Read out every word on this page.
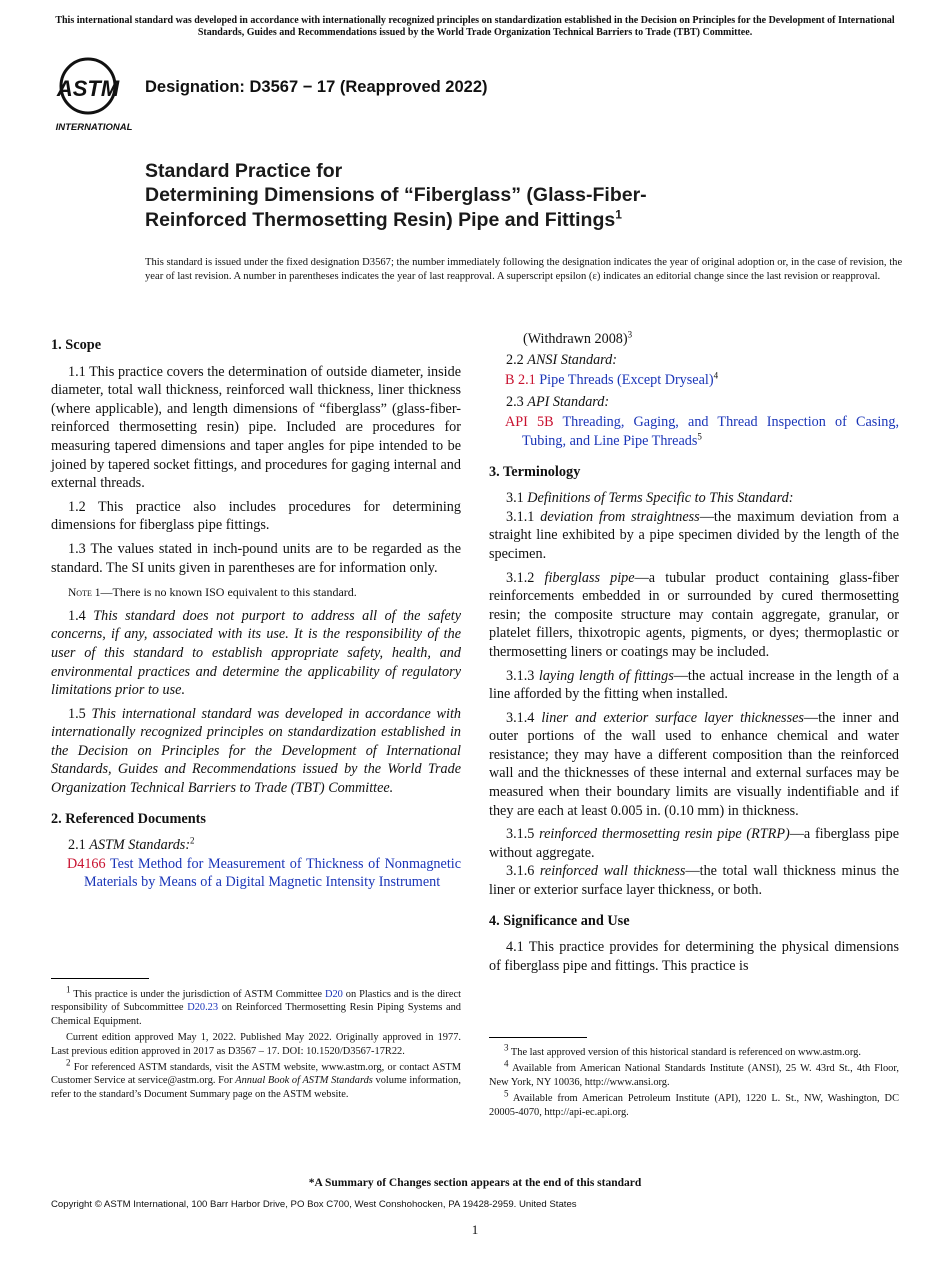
This international standard was developed in accordance with internationally recognized principles on standardization established in the Decision on Principles for the Development of International Standards, Guides and Recommendations issued by the World Trade Organization Technical Barriers to Trade (TBT) Committee.
ASTM
INTERNATIONAL
Designation: D3567 − 17 (Reapproved 2022)
Standard Practice for
Determining Dimensions of “Fiberglass” (Glass-Fiber-
Reinforced Thermosetting Resin) Pipe and Fittings$^1$
This standard is issued under the fixed designation D3567; the number immediately following the designation indicates the year of original adoption or, in the case of revision, the year of last revision. A number in parentheses indicates the year of last reapproval. A superscript epsilon (ε) indicates an editorial change since the last revision or reapproval.
1. Scope

1.1 This practice covers the determination of outside diameter, inside diameter, total wall thickness, reinforced wall thickness, liner thickness (where applicable), and length dimensions of “fiberglass” (glass-fiber-reinforced thermosetting resin) pipe. Included are procedures for measuring tapered dimensions and taper angles for pipe intended to be joined by tapered socket fittings, and procedures for gaging internal and external threads.

1.2 This practice also includes procedures for determining dimensions for fiberglass pipe fittings.

1.3 The values stated in inch-pound units are to be regarded as the standard. The SI units given in parentheses are for information only.

Note 1—There is no known ISO equivalent to this standard.

1.4 This standard does not purport to address all of the safety concerns, if any, associated with its use. It is the responsibility of the user of this standard to establish appropriate safety, health, and environmental practices and determine the applicability of regulatory limitations prior to use.

1.5 This international standard was developed in accordance with internationally recognized principles on standardization established in the Decision on Principles for the Development of International Standards, Guides and Recommendations issued by the World Trade Organization Technical Barriers to Trade (TBT) Committee.

2. Referenced Documents

2.1 ASTM Standards:$^2$

D4166 Test Method for Measurement of Thickness of Nonmagnetic Materials by Means of a Digital Magnetic Intensity Instrument

(Withdrawn 2008)$^3$

2.2 ANSI Standard:

B 2.1 Pipe Threads (Except Dryseal)$^4$

2.3 API Standard:

API 5B Threading, Gaging, and Thread Inspection of Casing, Tubing, and Line Pipe Threads$^5$

3. Terminology

3.1 Definitions of Terms Specific to This Standard:

3.1.1 deviation from straightness—the maximum deviation from a straight line exhibited by a pipe specimen divided by the length of the specimen.

3.1.2 fiberglass pipe—a tubular product containing glass-fiber reinforcements embedded in or surrounded by cured thermosetting resin; the composite structure may contain aggregate, granular, or platelet fillers, thixotropic agents, pigments, or dyes; thermoplastic or thermosetting liners or coatings may be included.

3.1.3 laying length of fittings—the actual increase in the length of a line afforded by the fitting when installed.

3.1.4 liner and exterior surface layer thicknesses—the inner and outer portions of the wall used to enhance chemical and water resistance; they may have a different composition than the reinforced wall and the thicknesses of these internal and external surfaces may be measured when their boundary limits are visually indentifiable and if they are each at least 0.005 in. (0.10 mm) in thickness.

3.1.5 reinforced thermosetting resin pipe (RTRP)—a fiberglass pipe without aggregate.

3.1.6 reinforced wall thickness—the total wall thickness minus the liner or exterior surface layer thickness, or both.

4. Significance and Use

4.1 This practice provides for determining the physical dimensions of fiberglass pipe and fittings. This practice is

$^1$ This practice is under the jurisdiction of ASTM Committee D20 on Plastics and is the direct responsibility of Subcommittee D20.23 on Reinforced Thermosetting Resin Piping Systems and Chemical Equipment.

Current edition approved May 1, 2022. Published May 2022. Originally approved in 1977. Last previous edition approved in 2017 as D3567 – 17. DOI: 10.1520/D3567-17R22.

$^2$ For referenced ASTM standards, visit the ASTM website, www.astm.org, or contact ASTM Customer Service at service@astm.org. For Annual Book of ASTM Standards volume information, refer to the standard’s Document Summary page on the ASTM website.

$^3$ The last approved version of this historical standard is referenced on www.astm.org.

$^4$ Available from American National Standards Institute (ANSI), 25 W. 43rd St., 4th Floor, New York, NY 10036, http://www.ansi.org.

$^5$ Available from American Petroleum Institute (API), 1220 L. St., NW, Washington, DC 20005-4070, http://api-ec.api.org.

*A Summary of Changes section appears at the end of this standard
Copyright © ASTM International, 100 Barr Harbor Drive, PO Box C700, West Conshohocken, PA 19428-2959. United States
1
